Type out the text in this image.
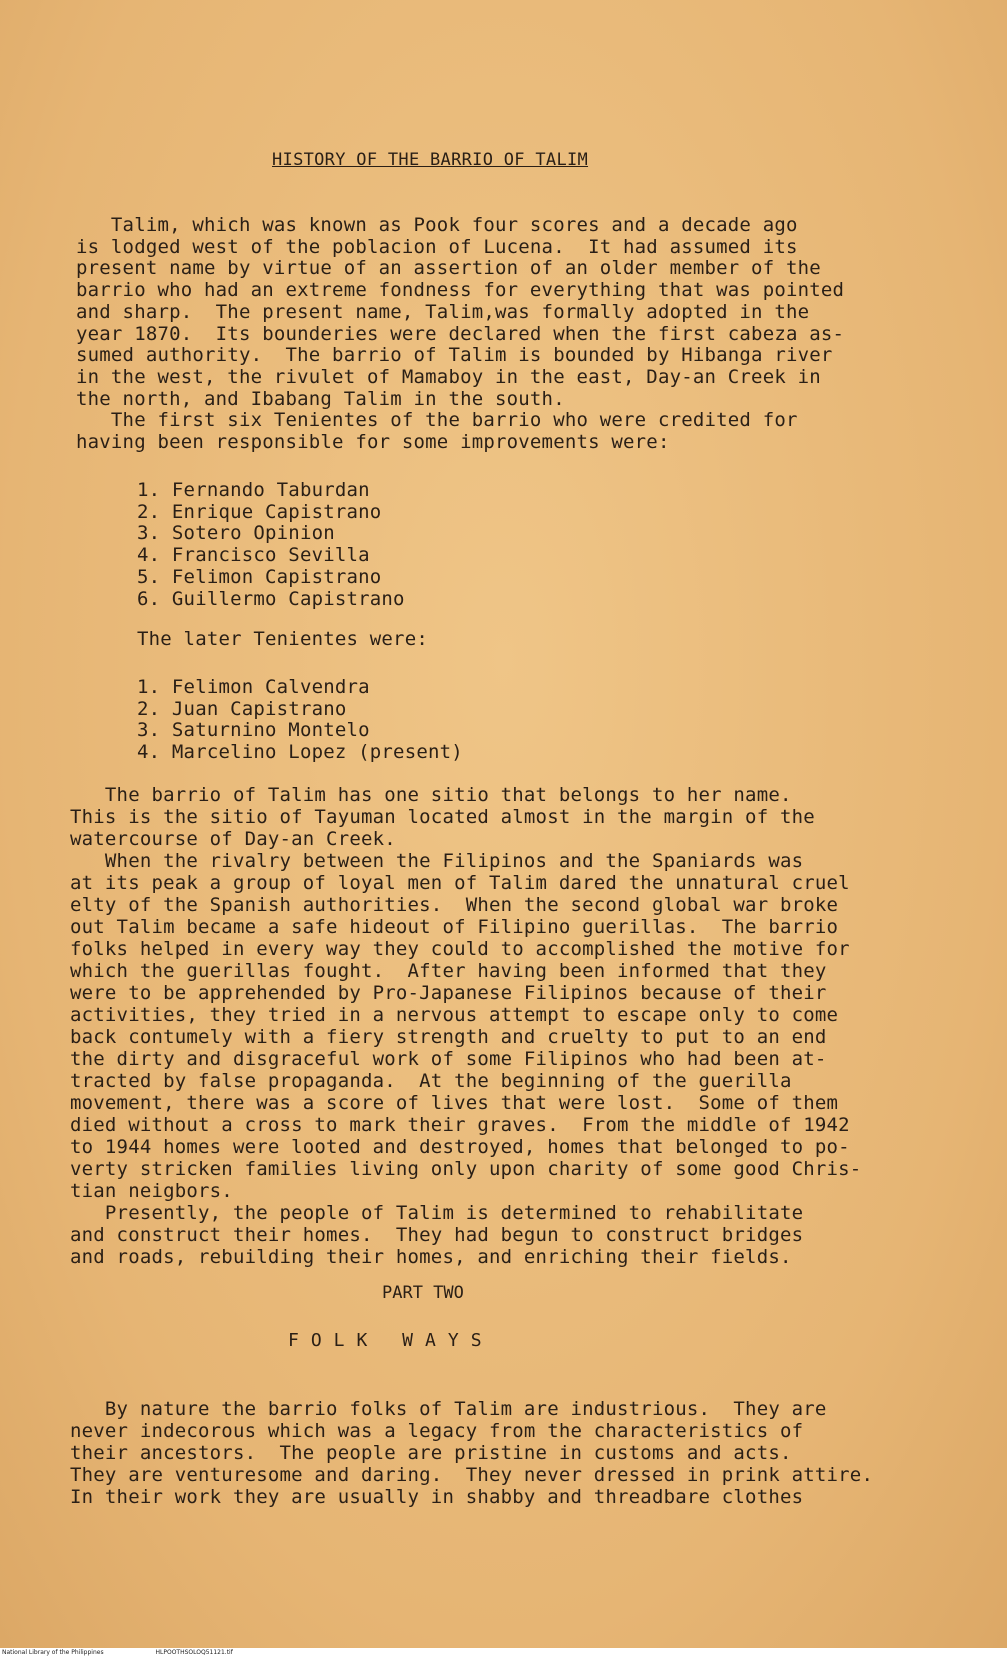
HISTORY OF THE BARRIO OF TALIM
Talim, which was known as Pook four scores and a decade ago
is lodged west of the poblacion of Lucena.  It had assumed its
present name by virtue of an assertion of an older member of the
barrio who had an extreme fondness for everything that was pointed
and sharp.  The present name, Talim,was formally adopted in the
year 1870.  Its bounderies were declared when the first cabeza as-
sumed authority.  The barrio of Talim is bounded by Hibanga river
in the west, the rivulet of Mamaboy in the east, Day-an Creek in
the north, and Ibabang Talim in the south.
The first six Tenientes of the barrio who were credited for
having been responsible for some improvements were:
1. Fernando Taburdan
2. Enrique Capistrano
3. Sotero Opinion
4. Francisco Sevilla
5. Felimon Capistrano
6. Guillermo Capistrano
The later Tenientes were:
1. Felimon Calvendra
2. Juan Capistrano
3. Saturnino Montelo
4. Marcelino Lopez (present)
The barrio of Talim has one sitio that belongs to her name.
This is the sitio of Tayuman located almost in the margin of the
watercourse of Day-an Creek.
When the rivalry between the Filipinos and the Spaniards was
at its peak a group of loyal men of Talim dared the unnatural cruel
elty of the Spanish authorities.  When the second global war broke
out Talim became a safe hideout of Filipino guerillas.  The barrio
folks helped in every way they could to accomplished the motive for
which the guerillas fought.  After having been informed that they
were to be apprehended by Pro-Japanese Filipinos because of their
activities, they tried in a nervous attempt to escape only to come
back contumely with a fiery strength and cruelty to put to an end
the dirty and disgraceful work of some Filipinos who had been at-
tracted by false propaganda.  At the beginning of the guerilla
movement, there was a score of lives that were lost.  Some of them
died without a cross to mark their graves.  From the middle of 1942
to 1944 homes were looted and destroyed, homes that belonged to po-
verty stricken families living only upon charity of some good Chris-
tian neigbors.
Presently, the people of Talim is determined to rehabilitate
and construct their homes.  They had begun to construct bridges
and roads, rebuilding their homes, and enriching their fields.
PART TWO
FOLK WAYS
By nature the barrio folks of Talim are industrious.  They are
never indecorous which was a legacy from the characteristics of
their ancestors.  The people are pristine in customs and acts.
They are venturesome and daring.  They never dressed in prink attire.
In their work they are usually in shabby and threadbare clothes
National Library of the Philippines	HLPOOTHSOLOQ51121.tif
